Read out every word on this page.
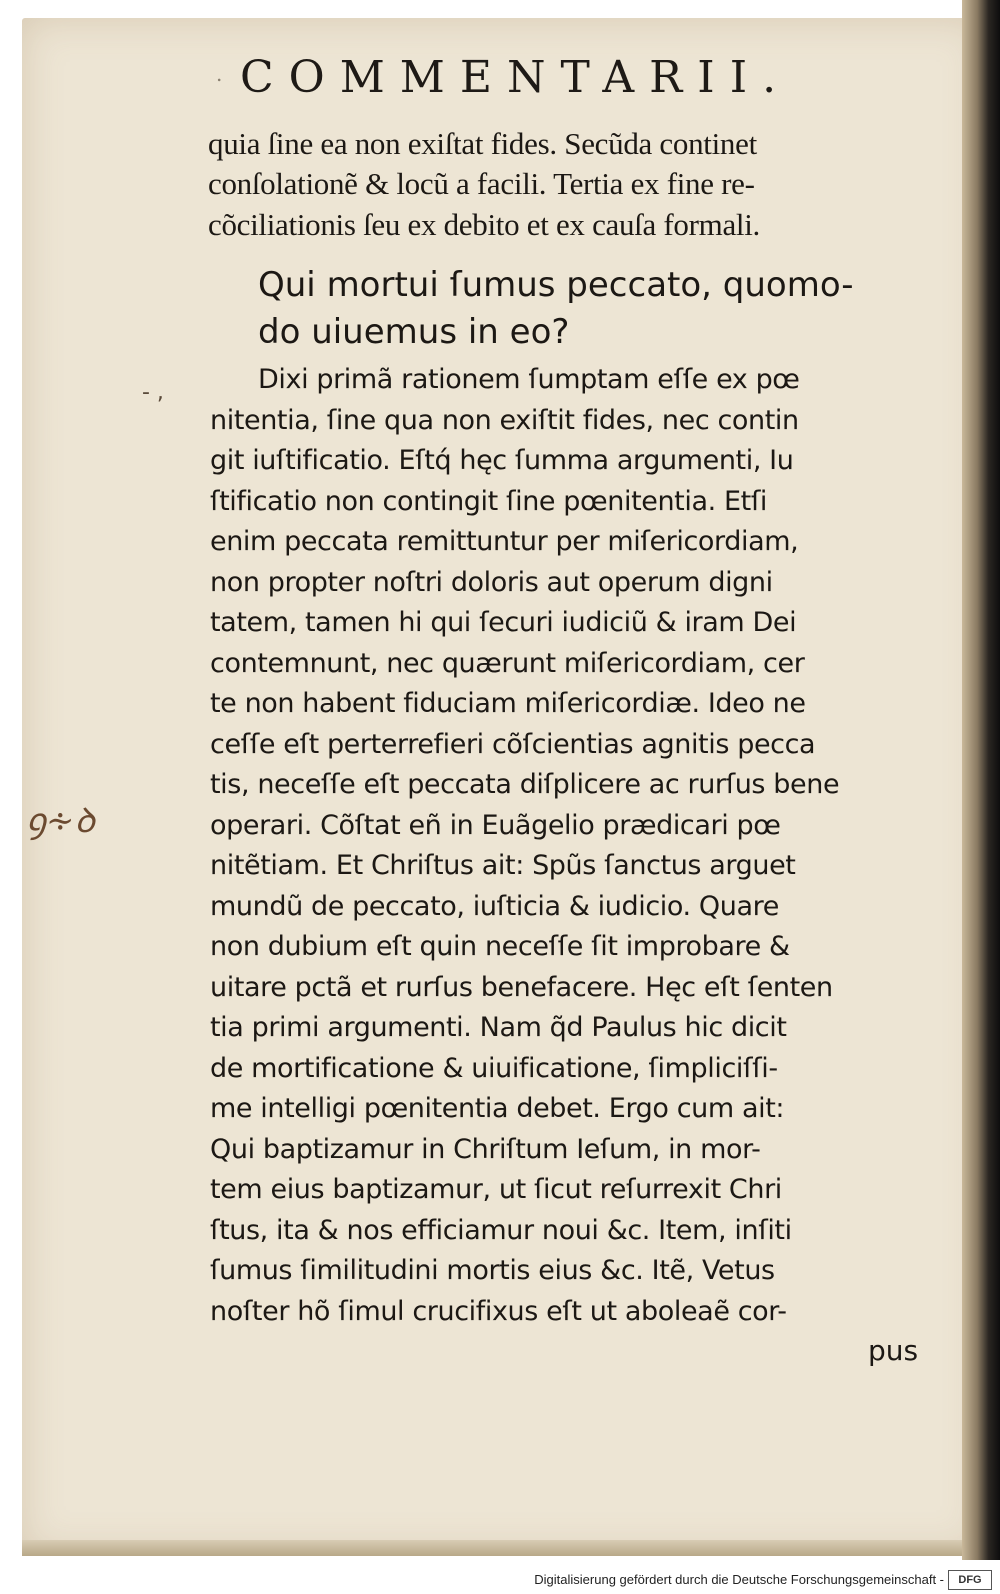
. COMMENTARII.
quia ſine ea non exiſtat fides. Secũda continet
conſolationẽ & locũ a facili. Tertia ex fine re-
cõciliationis ſeu ex debito et ex cauſa formali.
Qui mortui ſumus peccato, quomo-
do uiuemus in eo?
- ,
ꝯ∻ꝺ
Dixi primã rationem ſumptam eſſe ex pœ
nitentia, ſine qua non exiſtit fides, nec contin
git iuſtificatio. Eſtq́ hęc ſumma argumenti, Iu
ſtificatio non contingit ſine pœnitentia. Etſi
enim peccata remittuntur per miſericordiam,
non propter noſtri doloris aut operum digni
tatem, tamen hi qui ſecuri iudiciũ & iram Dei
contemnunt, nec quærunt miſericordiam, cer
te non habent fiduciam miſericordiæ. Ideo ne
ceſſe eſt perterrefieri cõſcientias agnitis pecca
tis, neceſſe eſt peccata diſplicere ac rurſus bene
operari. Cõſtat eñ in Euãgelio prædicari pœ
nitẽtiam. Et Chriſtus ait: Spũs ſanctus arguet
mundũ de peccato, iuſticia & iudicio. Quare
non dubium eſt quin neceſſe ſit improbare &
uitare pctã et rurſus benefacere. Hęc eſt ſenten
tia primi argumenti. Nam q̃d Paulus hic dicit
de mortificatione & uiuificatione, ſimpliciſſi-
me intelligi pœnitentia debet. Ergo cum ait:
Qui baptizamur in Chriſtum Ieſum, in mor-
tem eius baptizamur, ut ſicut reſurrexit Chri
ſtus, ita & nos efficiamur noui &c. Item, inſiti
ſumus ſimilitudini mortis eius &c. Itẽ, Vetus
noſter hõ ſimul crucifixus eſt ut aboleaẽ cor-
pus
Digitalisierung gefördert durch die Deutsche Forschungsgemeinschaft -	DFG
